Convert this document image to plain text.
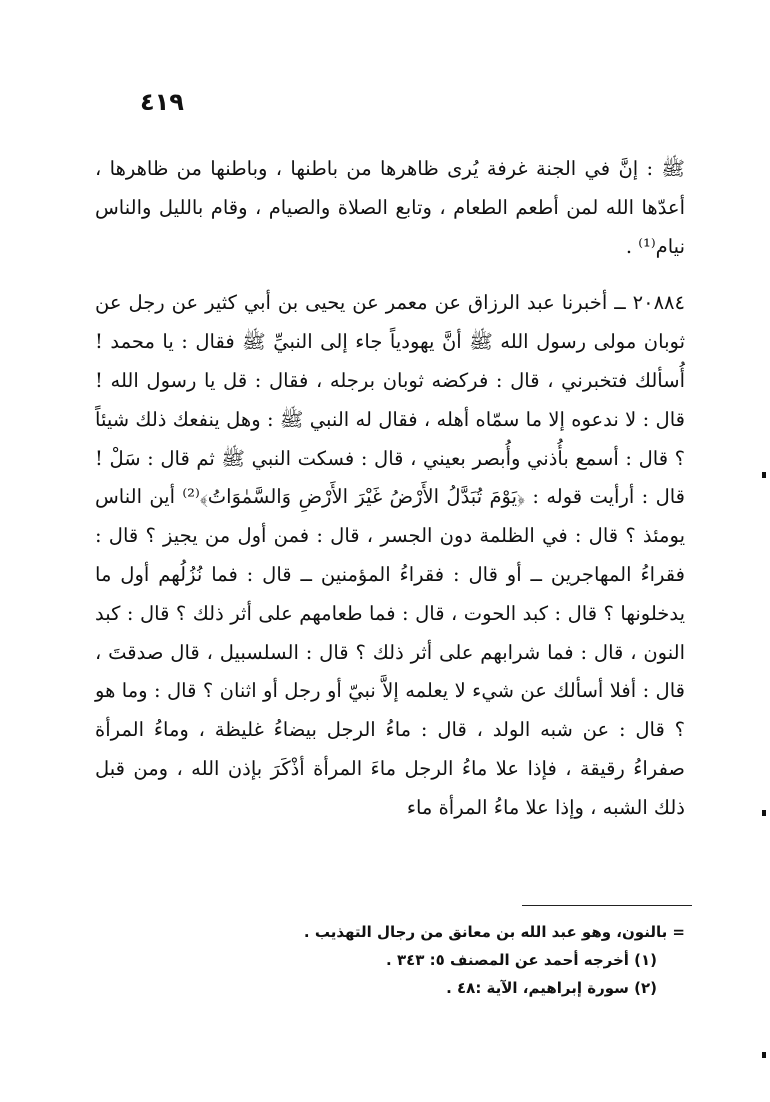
٤١٩

ﷺ : إنَّ في الجنة غرفة يُرى ظاهرها من باطنها ، وباطنها من ظاهرها ، أعدّها الله لمن أطعم الطعام ، وتابع الصلاة والصيام ، وقام بالليل والناس نيام⁽¹⁾ .

٢٠٨٨٤ ــ أخبرنا عبد الرزاق عن معمر عن يحيى بن أبي كثير عن رجل عن ثوبان مولى رسول الله ﷺ أنَّ يهودياً جاء إلى النبيِّ ﷺ فقال : يا محمد ! أُسألك فتخبرني ، قال : فركضه ثوبان برجله ، فقال : قل يا رسول الله ! قال : لا ندعوه إلا ما سمّاه أهله ، فقال له النبي ﷺ : وهل ينفعك ذلك شيئاً ؟ قال : أسمع بأُذني وأُبصر بعيني ، قال : فسكت النبي ﷺ ثم قال : سَلْ ! قال : أرأيت قوله : ﴿يَوْمَ تُبَدَّلُ الأَرْضُ غَيْرَ الأَرْضِ وَالسَّمٰوَاتُ﴾⁽²⁾ أين الناس يومئذ ؟ قال : في الظلمة دون الجسر ، قال : فمن أول من يجيز ؟ قال : فقراءُ المهاجرين ــ أو قال : فقراءُ المؤمنين ــ قال : فما نُزُلُهم أول ما يدخلونها ؟ قال : كبد الحوت ، قال : فما طعامهم على أثر ذلك ؟ قال : كبد النون ، قال : فما شرابهم على أثر ذلك ؟ قال : السلسبيل ، قال صدقتَ ، قال : أفلا أسألك عن شيء لا يعلمه إلاَّ نبيّ أو رجل أو اثنان ؟ قال : وما هو ؟ قال : عن شبه الولد ، قال : ماءُ الرجل بيضاءُ غليظة ، وماءُ المرأة صفراءُ رقيقة ، فإذا علا ماءُ الرجل ماءَ المرأة أذْكَرَ بإذن الله ، ومن قبل ذلك الشبه ، وإذا علا ماءُ المرأة ماء

= بالنون، وهو عبد الله بن معانق من رجال التهذيب .

(١) أخرجه أحمد عن المصنف ٥: ٣٤٣ .

(٢) سورة إبراهيم، الآية :٤٨ .
